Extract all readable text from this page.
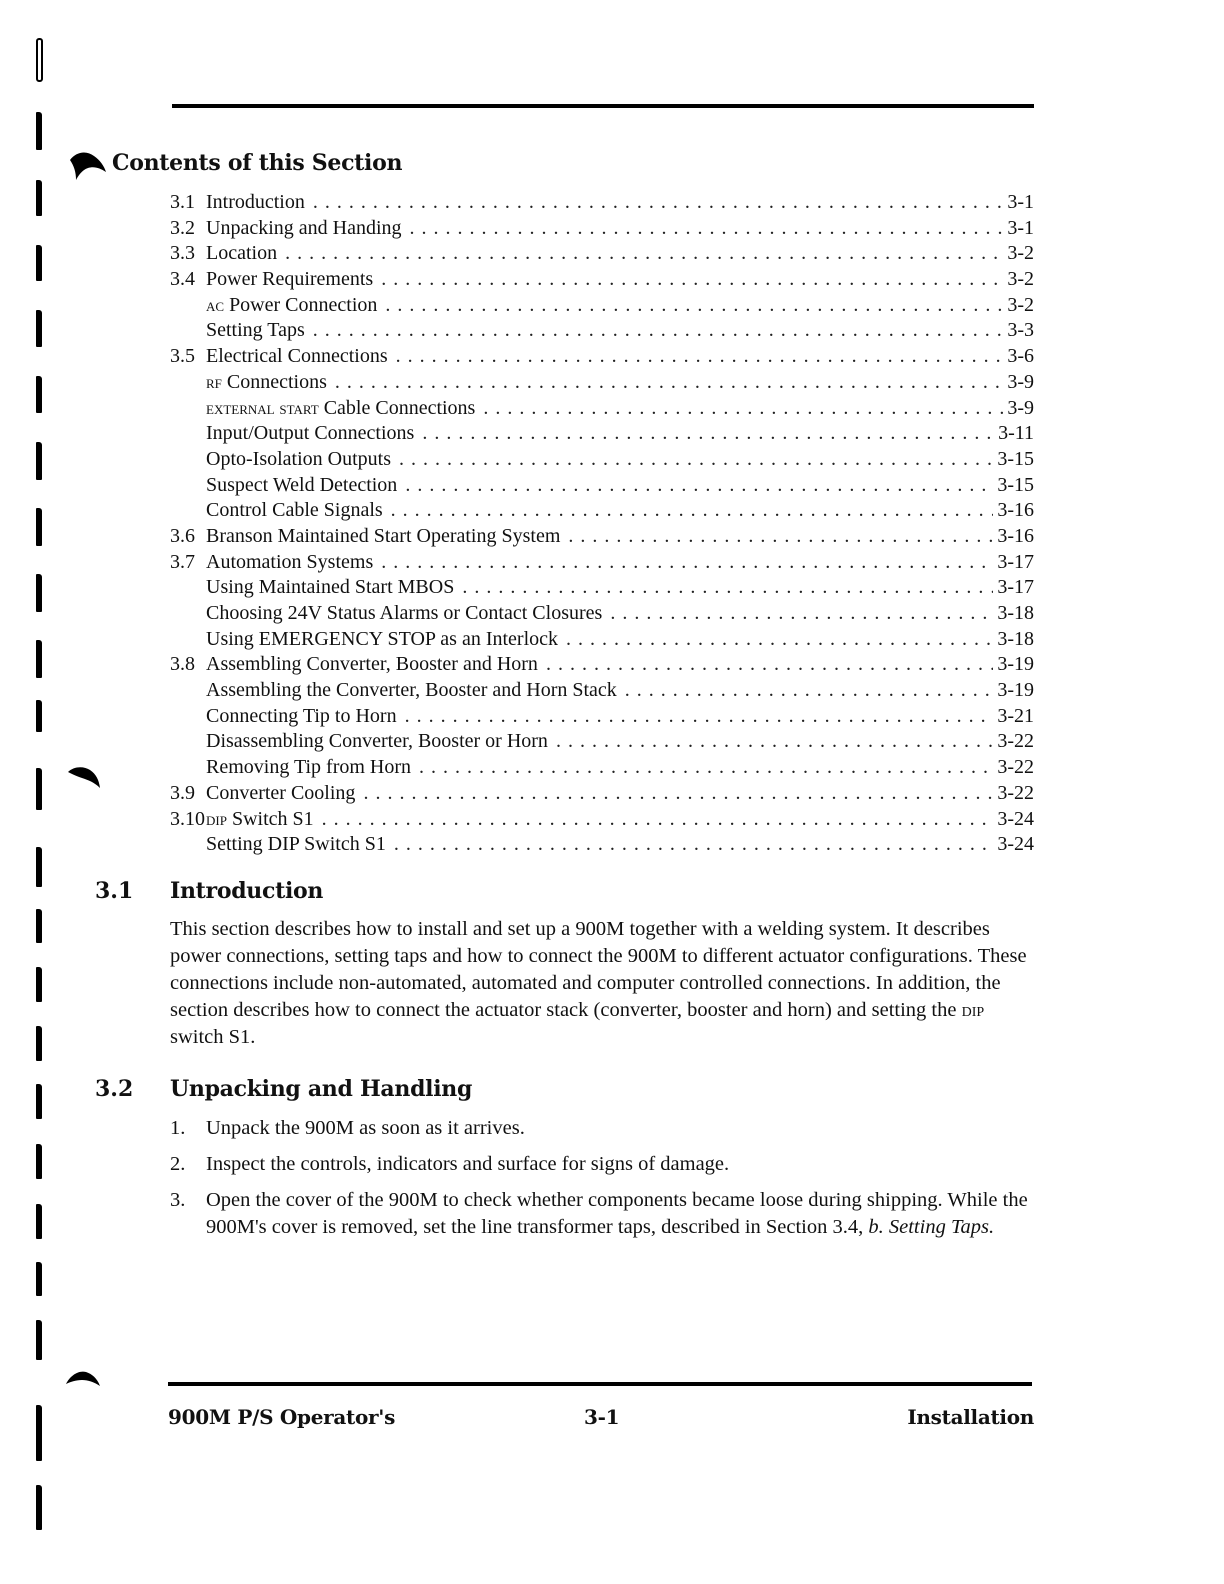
Contents of this Section
3.1 Introduction . . .	3-1
3.2 Unpacking and Handing . . .	3-1
3.3 Location . . .	3-2
3.4 Power Requirements . . .	3-2
ac Power Connection . . .	3-2
Setting Taps . . .	3-3
3.5 Electrical Connections . . .	3-6
rf Connections . . .	3-9
external start Cable Connections . . .	3-9
Input/Output Connections . . .	3-11
Opto-Isolation Outputs . . .	3-15
Suspect Weld Detection . . .	3-15
Control Cable Signals . . .	3-16
3.6 Branson Maintained Start Operating System . . .	3-16
3.7 Automation Systems . . .	3-17
Using Maintained Start MBOS . . .	3-17
Choosing 24V Status Alarms or Contact Closures . . .	3-18
Using EMERGENCY STOP as an Interlock . . .	3-18
3.8 Assembling Converter, Booster and Horn . . .	3-19
Assembling the Converter, Booster and Horn Stack . . .	3-19
Connecting Tip to Horn . . .	3-21
Disassembling Converter, Booster or Horn . . .	3-22
Removing Tip from Horn . . .	3-22
3.9 Converter Cooling . . .	3-22
3.10dip Switch S1 . . .	3-24
Setting DIP Switch S1 . . .	3-24
3.1 Introduction
This section describes how to install and set up a 900M together with a welding system. It describes power connections, setting taps and how to connect the 900M to different actuator configurations. These connections include non-automated, automated and computer controlled connections. In addition, the section describes how to connect the actuator stack (converter, booster and horn) and setting the dip switch S1.
3.2 Unpacking and Handling
1.	Unpack the 900M as soon as it arrives.
2.	Inspect the controls, indicators and surface for signs of damage.
3.	Open the cover of the 900M to check whether components became loose during shipping. While the 900M's cover is removed, set the line transformer taps, described in Section 3.4, b. Setting Taps.
900M P/S Operator's	3-1	Installation
